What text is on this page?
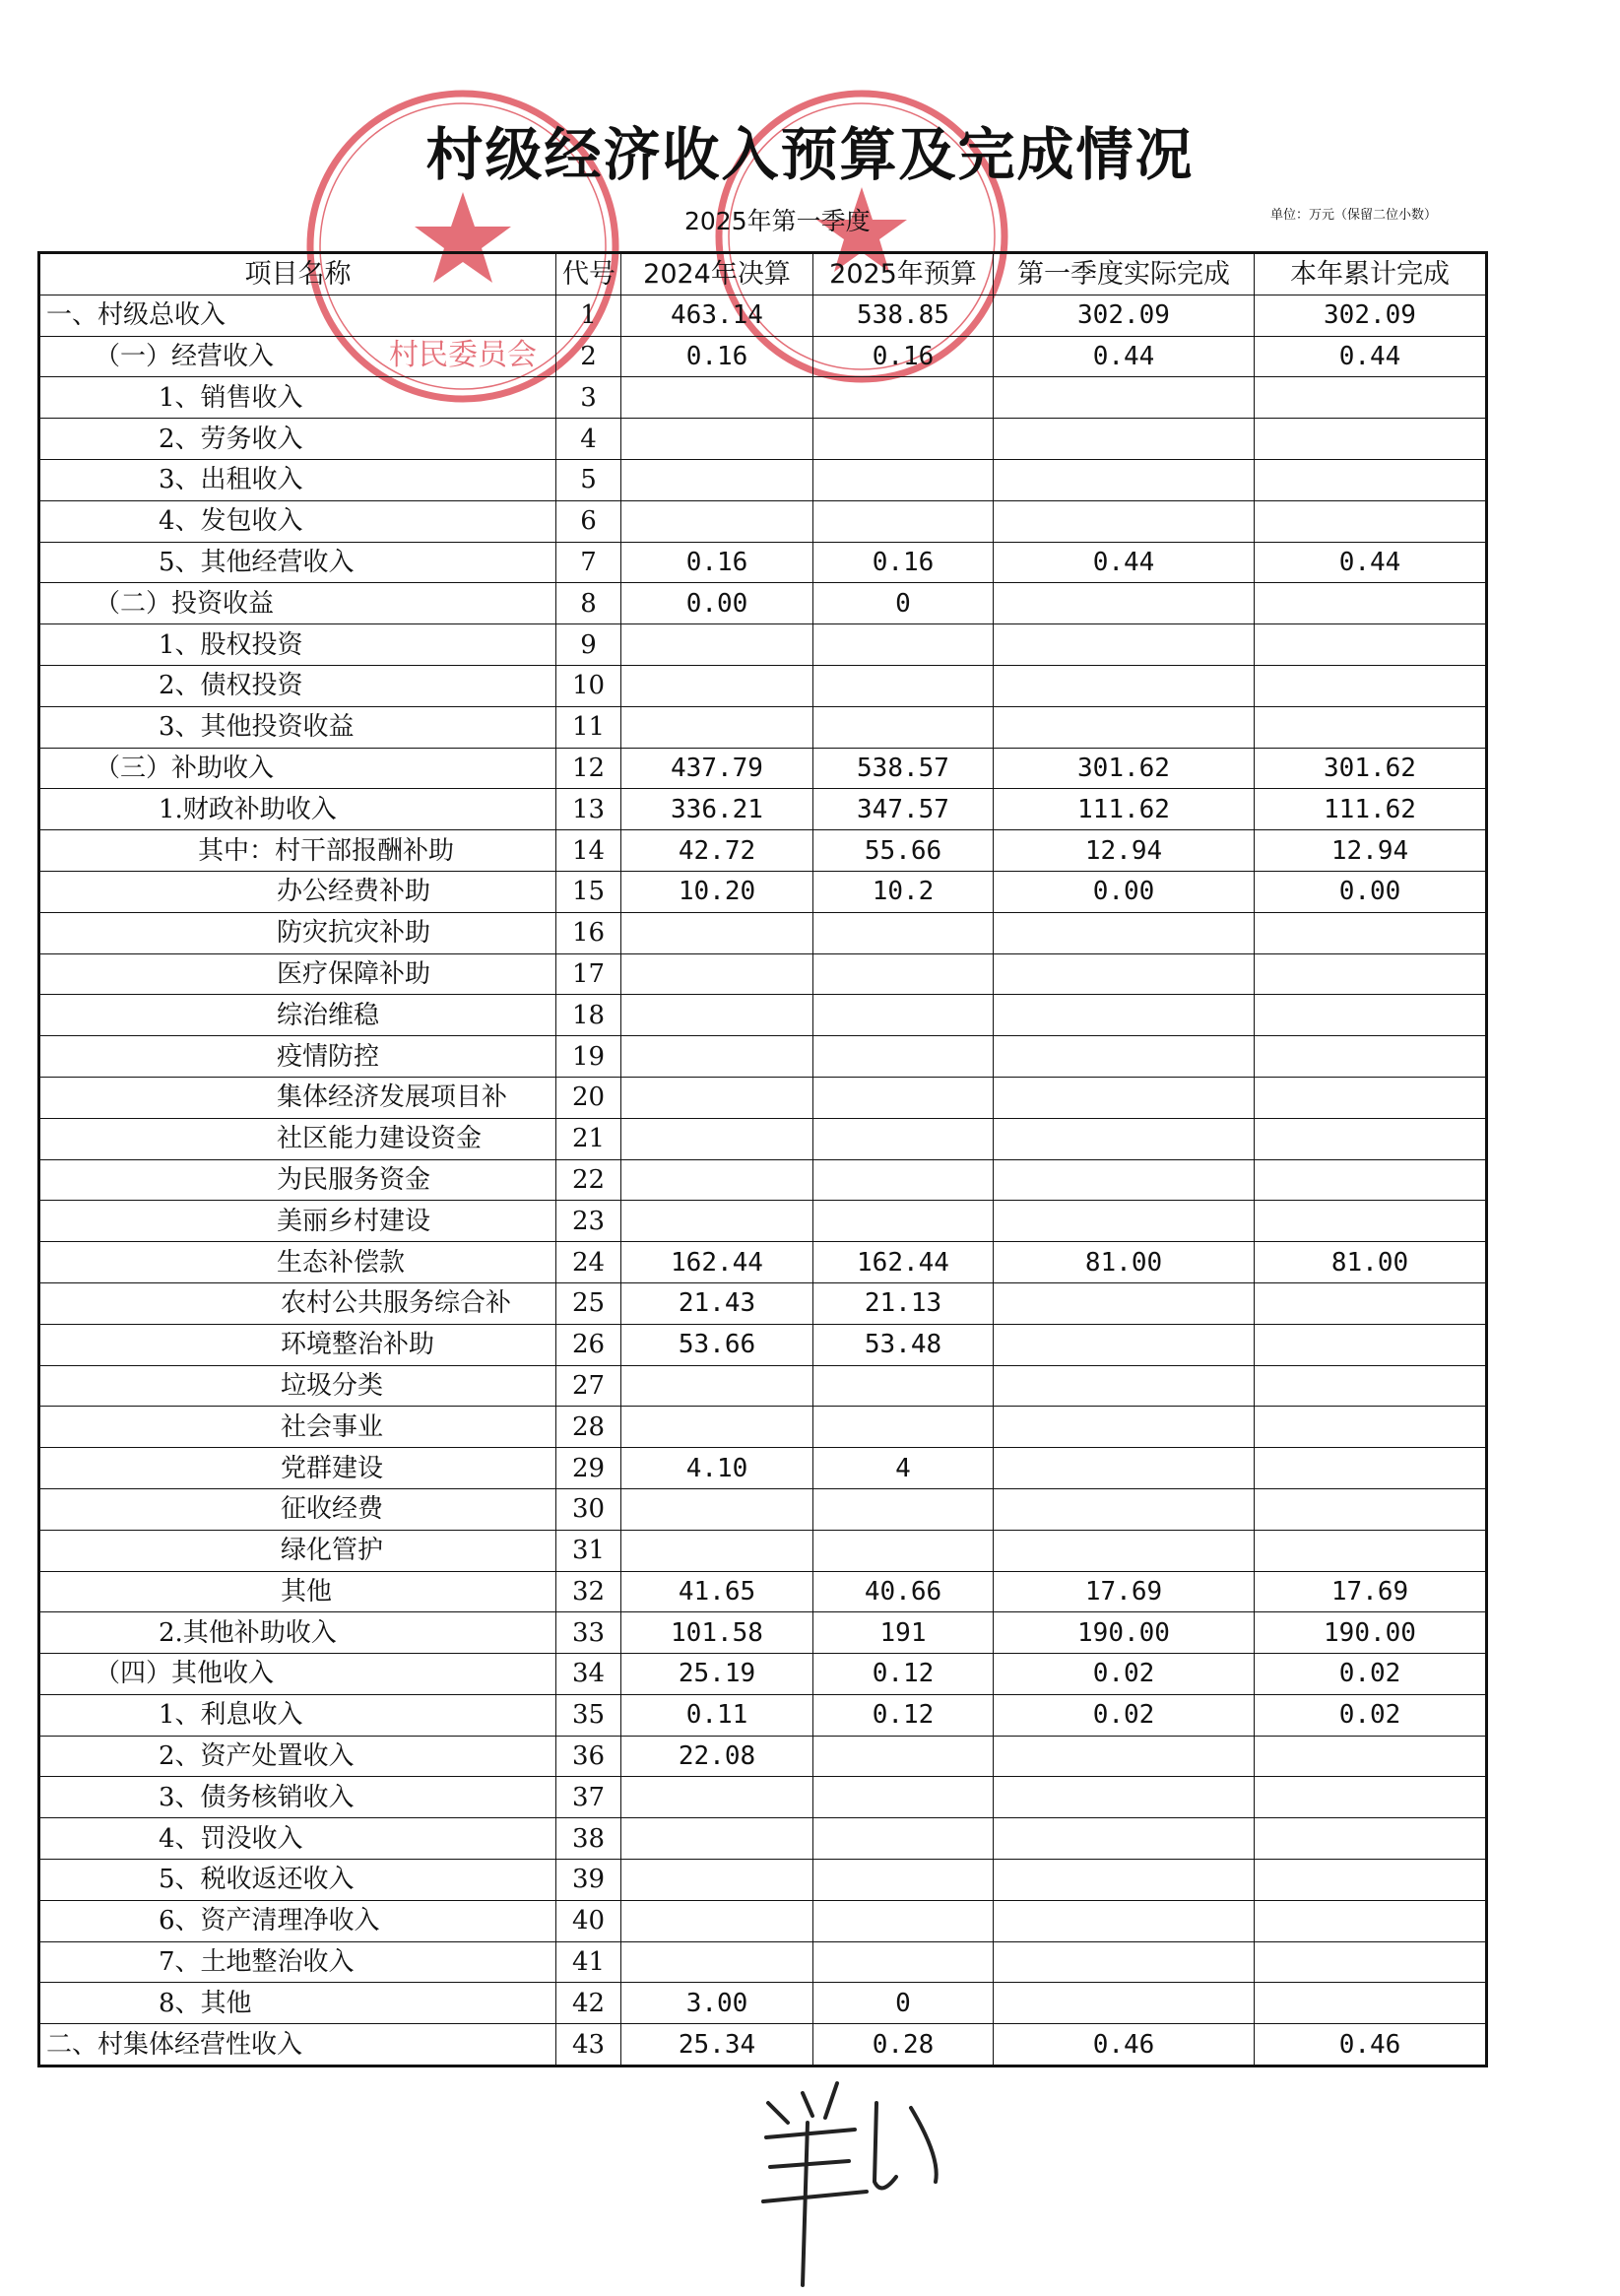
村级经济收入预算及完成情况
2025年第一季度	单位：万元（保留二位小数）
村民委员会
项目名称	代号	2024年决算	2025年预算	第一季度实际完成	本年累计完成
一、村级总收入	1	463.14	538.85	302.09	302.09
（一）经营收入	2	0.16	0.16	0.44	0.44
1、销售收入	3				
2、劳务收入	4				
3、出租收入	5				
4、发包收入	6				
5、其他经营收入	7	0.16	0.16	0.44	0.44
（二）投资收益	8	0.00	0		
1、股权投资	9				
2、债权投资	10				
3、其他投资收益	11				
（三）补助收入	12	437.79	538.57	301.62	301.62
1.财政补助收入	13	336.21	347.57	111.62	111.62
其中：村干部报酬补助	14	42.72	55.66	12.94	12.94
办公经费补助	15	10.20	10.2	0.00	0.00
防灾抗灾补助	16				
医疗保障补助	17				
综治维稳	18				
疫情防控	19				
集体经济发展项目补	20				
社区能力建设资金	21				
为民服务资金	22				
美丽乡村建设	23				
生态补偿款	24	162.44	162.44	81.00	81.00
农村公共服务综合补	25	21.43	21.13		
环境整治补助	26	53.66	53.48		
垃圾分类	27				
社会事业	28				
党群建设	29	4.10	4		
征收经费	30				
绿化管护	31				
其他	32	41.65	40.66	17.69	17.69
2.其他补助收入	33	101.58	191	190.00	190.00
（四）其他收入	34	25.19	0.12	0.02	0.02
1、利息收入	35	0.11	0.12	0.02	0.02
2、资产处置收入	36	22.08			
3、债务核销收入	37				
4、罚没收入	38				
5、税收返还收入	39				
6、资产清理净收入	40				
7、土地整治收入	41				
8、其他	42	3.00	0		
二、村集体经营性收入	43	25.34	0.28	0.46	0.46
